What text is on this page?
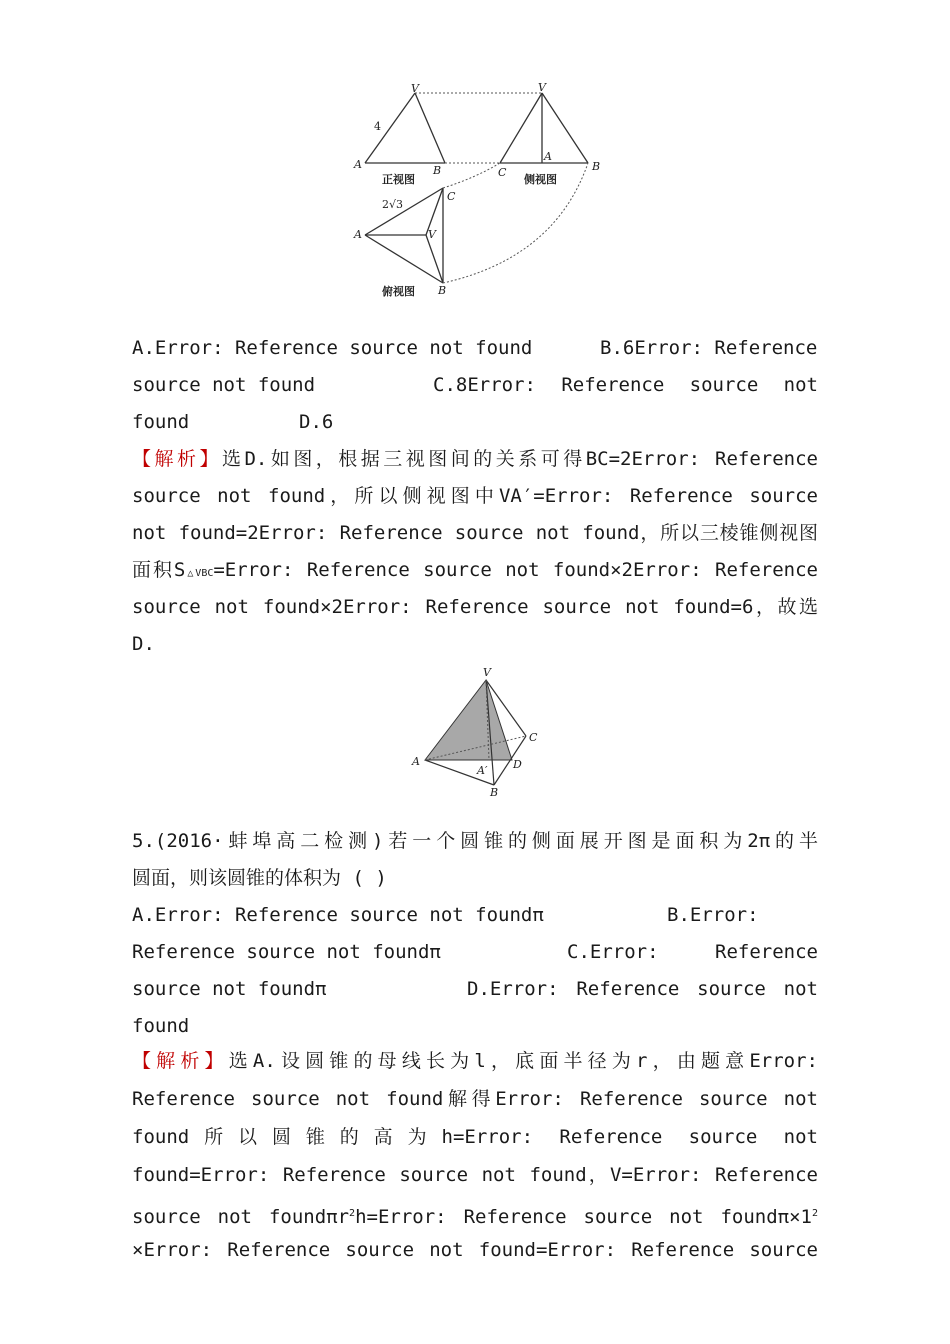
V	V
4
A	B	C
A
B
正视图	侧视图
2√3
C
A	V
B
俯视图
A.Error: Reference source not found	B.6Error: Reference
source not found	C.8Error: Reference source not
found	D.6
【解析】选D.如图，根据三视图间的关系可得BC=2Error: Reference
source not found，所以侧视图中VA′=Error: Reference source
not found=2Error: Reference source not found，所以三棱锥侧视图
面积S△VBC=Error: Reference source not found×2Error: Reference
source not found×2Error: Reference source not found=6，故选
D.
V
C
A
A′ D
B
5.(2016·蚌埠高二检测)若一个圆锥的侧面展开图是面积为2π的半
圆面，则该圆锥的体积为 ( )
A.Error: Reference source not foundπ	B.Error:
Reference source not foundπ	C.Error: Reference
source not foundπ	D.Error: Reference source not
found
【解析】选A.设圆锥的母线长为l，底面半径为r，由题意Error:
Reference source not found解得Error: Reference source not
found所以圆锥的高为h=Error: Reference source not
found=Error: Reference source not found，V=Error: Reference
source not foundπr$^2$h=Error: Reference source not $found\pi\times 1^2$
×Error: Reference source not found=Error: Reference source
